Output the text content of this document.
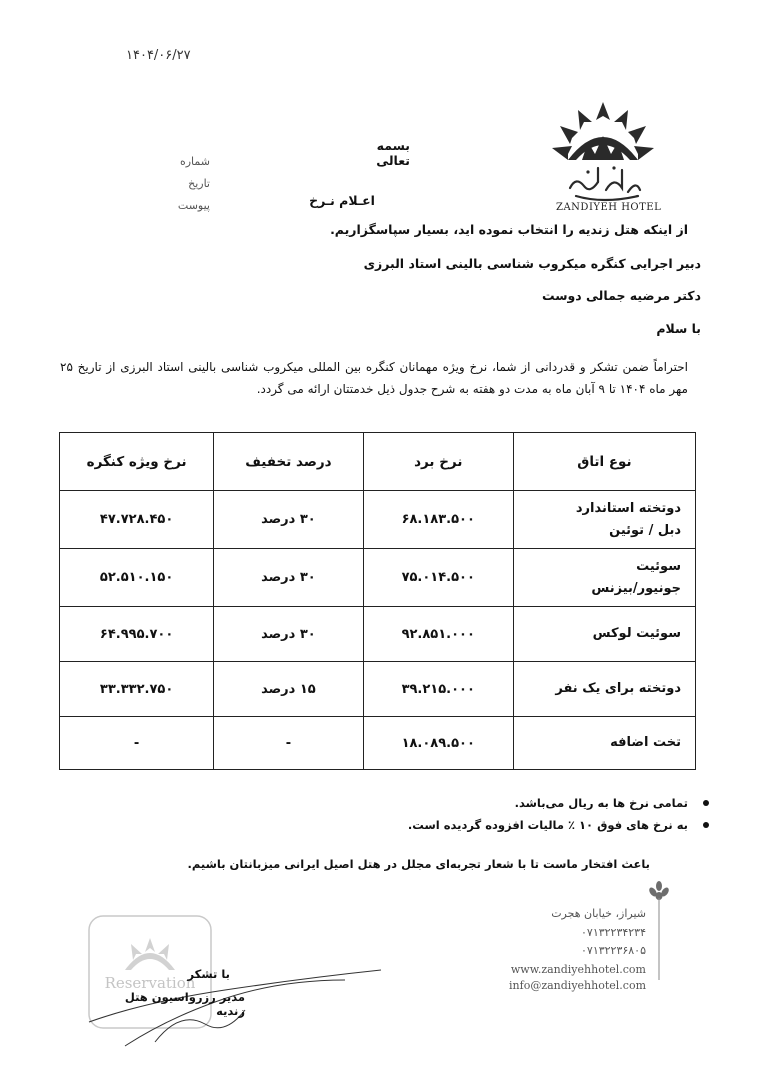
۱۴۰۴/۰۶/۲۷
ZANDIYEH HOTEL
بسمه تعالی
شماره
تاریخ
پیوست	اعـلام نـرخ
از اینکه هتل زندیه را انتخاب نموده اید، بسیار سپاسگزاریم.
دبیر اجرایی کنگره میکروب شناسی بالینی استاد البرزی
دکتر مرضیه جمالی دوست
با سلام
احتراماً ضمن تشکر و قدردانی از شما، نرخ ویژه مهمانان کنگره بین المللی میکروب شناسی بالینی استاد البرزی از تاریخ ۲۵ مهر ماه ۱۴۰۴ تا ۹ آبان ماه به مدت دو هفته به شرح جدول ذیل خدمتتان ارائه می گردد.
نوع اتاق	نرخ برد	درصد تخفیف	نرخ ویژه کنگره

دوتخته استاندارد
دبل / توئین	۶۸.۱۸۳.۵۰۰	۳۰ درصد	۴۷.۷۲۸.۴۵۰

سوئیت
جونیور/بیزنس	۷۵.۰۱۴.۵۰۰	۳۰ درصد	۵۲.۵۱۰.۱۵۰

سوئیت لوکس	۹۲.۸۵۱.۰۰۰	۳۰ درصد	۶۴.۹۹۵.۷۰۰

دوتخته برای یک نفر	۳۹.۲۱۵.۰۰۰	۱۵ درصد	۳۳.۳۳۲.۷۵۰

تخت اضافه	۱۸.۰۸۹.۵۰۰	-	-
تمامی نرخ ها به ریال می‌باشد.
به نرخ های فوق ۱۰ ٪ مالیات افزوده گردیده است.
باعث افتخار ماست تا با شعار تجربه‌ای مجلل در هتل اصیل ایرانی میزبانتان باشیم.
شیراز، خیابان هجرت
۰۷۱۳۲۲۳۴۲۳۴
۰۷۱۳۲۲۳۶۸۰۵
www.zandiyehhotel.com
info@zandiyehhotel.com
Reservation
با تشکر
مدیر رزرواسیون هتل زندیه
